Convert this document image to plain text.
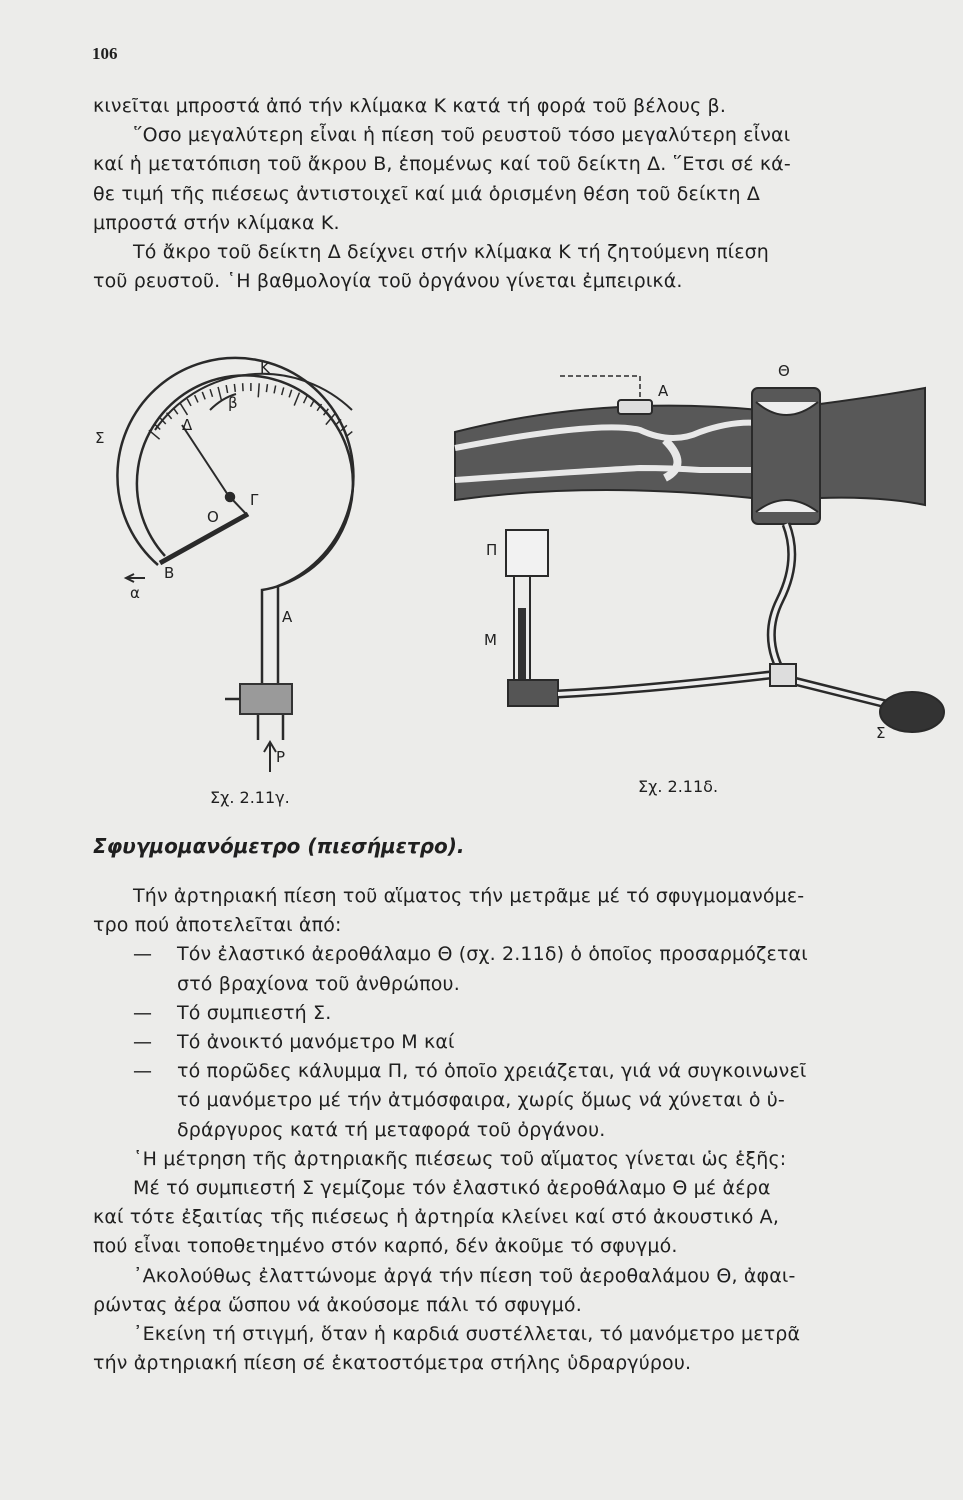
106
κινεῖται μπροστά ἀπό τήν κλίμακα Κ κατά τή φορά τοῦ βέλους β.
῞Οσο μεγαλύτερη εἶναι ἡ πίεση τοῦ ρευστοῦ τόσο μεγαλύτερη εἶναι
καί ἡ μετατόπιση τοῦ ἄκρου Β, ἐπομένως καί τοῦ δείκτη Δ. ῞Ετσι σέ κά-
θε τιμή τῆς πιέσεως ἀντιστοιχεῖ καί μιά ὁρισμένη θέση τοῦ δείκτη Δ
μπροστά στήν κλίμακα Κ.
Τό ἄκρο τοῦ δείκτη Δ δείχνει στήν κλίμακα Κ τή ζητούμενη πίεση
τοῦ ρευστοῦ. ῾Η βαθμολογία τοῦ ὀργάνου γίνεται ἐμπειρικά.
Κ
Δ
β
Σ
Ο
Γ
α
Β
Α
Ρ
Θ
Α
Π
Μ
Σ
Σχ. 2.11γ.
Σχ. 2.11δ.
Σφυγμομανόμετρο (πιεσήμετρο).
Τήν ἀρτηριακή πίεση τοῦ αἵματος τήν μετρᾶμε μέ τό σφυγμομανόμε-
τρο πού ἀποτελεῖται ἀπό:
—	Τόν ἐλαστικό ἀεροθάλαμο Θ (σχ. 2.11δ) ὁ ὁποῖος προσαρμόζεται
στό βραχίονα τοῦ ἀνθρώπου.
—	Τό συμπιεστή Σ.
—	Τό ἀνοικτό μανόμετρο Μ καί
—	τό πορῶδες κάλυμμα Π, τό ὁποῖο χρειάζεται, γιά νά συγκοινωνεῖ
τό μανόμετρο μέ τήν ἀτμόσφαιρα, χωρίς ὅμως νά χύνεται ὁ ὑ-
δράργυρος κατά τή μεταφορά τοῦ ὀργάνου.
῾Η μέτρηση τῆς ἀρτηριακῆς πιέσεως τοῦ αἵματος γίνεται ὡς ἑξῆς:
Μέ τό συμπιεστή Σ γεμίζομε τόν ἐλαστικό ἀεροθάλαμο Θ μέ ἀέρα
καί τότε ἐξαιτίας τῆς πιέσεως ἡ ἀρτηρία κλείνει καί στό ἀκουστικό Α,
πού εἶναι τοποθετημένο στόν καρπό, δέν ἀκοῦμε τό σφυγμό.
᾿Ακολούθως ἐλαττώνομε ἀργά τήν πίεση τοῦ ἀεροθαλάμου Θ, ἀφαι-
ρώντας ἀέρα ὥσπου νά ἀκούσομε πάλι τό σφυγμό.
᾿Εκείνη τή στιγμή, ὅταν ἡ καρδιά συστέλλεται, τό μανόμετρο μετρᾶ
τήν ἀρτηριακή πίεση σέ ἑκατοστόμετρα στήλης ὑδραργύρου.
